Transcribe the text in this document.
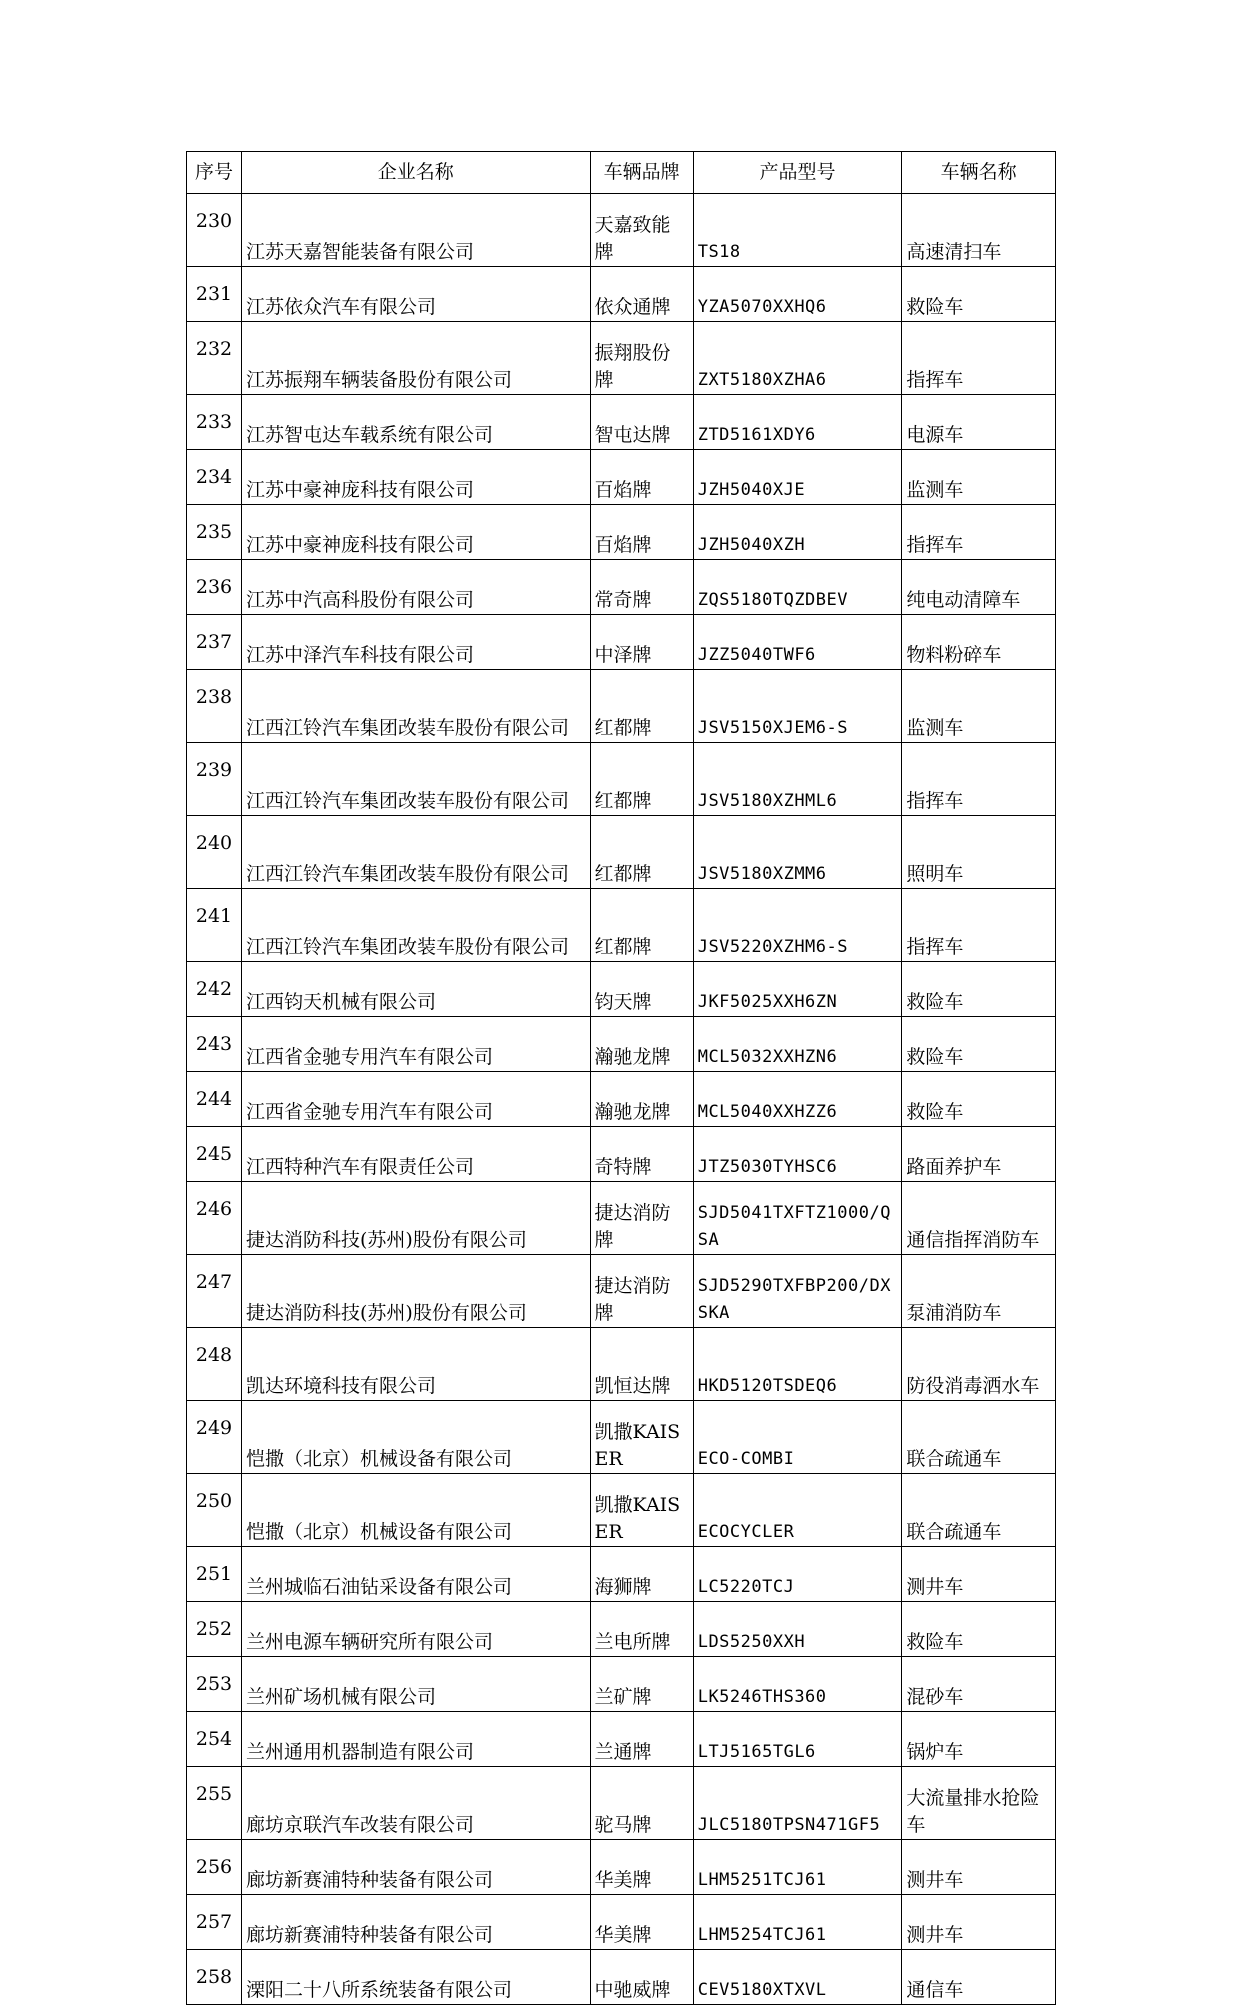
序号	企业名称	车辆品牌	产品型号	车辆名称
230	江苏天嘉智能装备有限公司	天嘉致能牌	TS18	高速清扫车
231	江苏依众汽车有限公司	依众通牌	YZA5070XXHQ6	救险车
232	江苏振翔车辆装备股份有限公司	振翔股份牌	ZXT5180XZHA6	指挥车
233	江苏智屯达车载系统有限公司	智屯达牌	ZTD5161XDY6	电源车
234	江苏中豪神庞科技有限公司	百焰牌	JZH5040XJE	监测车
235	江苏中豪神庞科技有限公司	百焰牌	JZH5040XZH	指挥车
236	江苏中汽高科股份有限公司	常奇牌	ZQS5180TQZDBEV	纯电动清障车
237	江苏中泽汽车科技有限公司	中泽牌	JZZ5040TWF6	物料粉碎车
238	江西江铃汽车集团改装车股份有限公司	红都牌	JSV5150XJEM6-S	监测车
239	江西江铃汽车集团改装车股份有限公司	红都牌	JSV5180XZHML6	指挥车
240	江西江铃汽车集团改装车股份有限公司	红都牌	JSV5180XZMM6	照明车
241	江西江铃汽车集团改装车股份有限公司	红都牌	JSV5220XZHM6-S	指挥车
242	江西钧天机械有限公司	钧天牌	JKF5025XXH6ZN	救险车
243	江西省金驰专用汽车有限公司	瀚驰龙牌	MCL5032XXHZN6	救险车
244	江西省金驰专用汽车有限公司	瀚驰龙牌	MCL5040XXHZZ6	救险车
245	江西特种汽车有限责任公司	奇特牌	JTZ5030TYHSC6	路面养护车
246	捷达消防科技(苏州)股份有限公司	捷达消防牌	SJD5041TXFTZ1000/QSA	通信指挥消防车
247	捷达消防科技(苏州)股份有限公司	捷达消防牌	SJD5290TXFBP200/DXSKA	泵浦消防车
248	凯达环境科技有限公司	凯恒达牌	HKD5120TSDEQ6	防役消毒洒水车
249	恺撒（北京）机械设备有限公司	凯撒KAISER	ECO-COMBI	联合疏通车
250	恺撒（北京）机械设备有限公司	凯撒KAISER	ECOCYCLER	联合疏通车
251	兰州城临石油钻采设备有限公司	海狮牌	LC5220TCJ	测井车
252	兰州电源车辆研究所有限公司	兰电所牌	LDS5250XXH	救险车
253	兰州矿场机械有限公司	兰矿牌	LK5246THS360	混砂车
254	兰州通用机器制造有限公司	兰通牌	LTJ5165TGL6	锅炉车
255	廊坊京联汽车改装有限公司	驼马牌	JLC5180TPSN471GF5	大流量排水抢险车
256	廊坊新赛浦特种装备有限公司	华美牌	LHM5251TCJ61	测井车
257	廊坊新赛浦特种装备有限公司	华美牌	LHM5254TCJ61	测井车
258	溧阳二十八所系统装备有限公司	中驰威牌	CEV5180XTXVL	通信车
